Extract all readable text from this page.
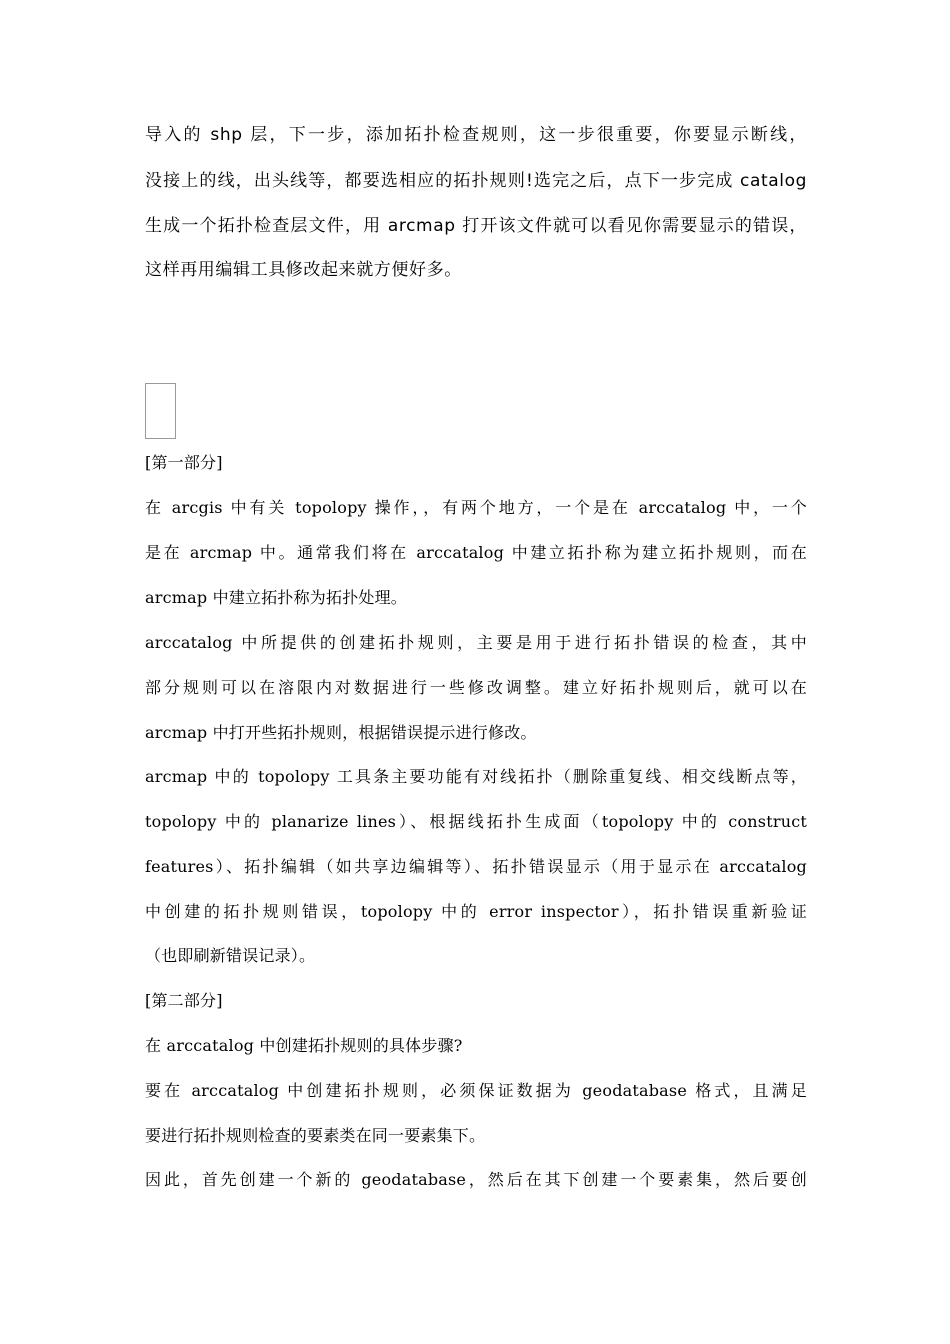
导入的 shp 层，下一步，添加拓扑检查规则，这一步很重要，你要显示断线，
没接上的线，出头线等，都要选相应的拓扑规则!选完之后，点下一步完成 catalog
生成一个拓扑检查层文件，用 arcmap 打开该文件就可以看见你需要显示的错误，
这样再用编辑工具修改起来就方便好多。
[第一部分]
在 arcgis 中有关 topolopy 操作，，有两个地方，一个是在 arccatalog 中，一个
是在 arcmap 中。通常我们将在 arccatalog 中建立拓扑称为建立拓扑规则，而在
arcmap 中建立拓扑称为拓扑处理。
arccatalog 中所提供的创建拓扑规则，主要是用于进行拓扑错误的检查，其中
部分规则可以在溶限内对数据进行一些修改调整。建立好拓扑规则后，就可以在
arcmap 中打开些拓扑规则，根据错误提示进行修改。
arcmap 中的 topolopy 工具条主要功能有对线拓扑（删除重复线、相交线断点等，
topolopy 中的 planarize lines）、根据线拓扑生成面（topolopy 中的 construct
features）、拓扑编辑（如共享边编辑等）、拓扑错误显示（用于显示在 arccatalog
中创建的拓扑规则错误，topolopy 中的 error inspector），拓扑错误重新验证
（也即刷新错误记录）。
[第二部分]
在 arccatalog 中创建拓扑规则的具体步骤?
要在 arccatalog 中创建拓扑规则，必须保证数据为 geodatabase 格式，且满足
要进行拓扑规则检查的要素类在同一要素集下。
因此，首先创建一个新的 geodatabase，然后在其下创建一个要素集，然后要创
